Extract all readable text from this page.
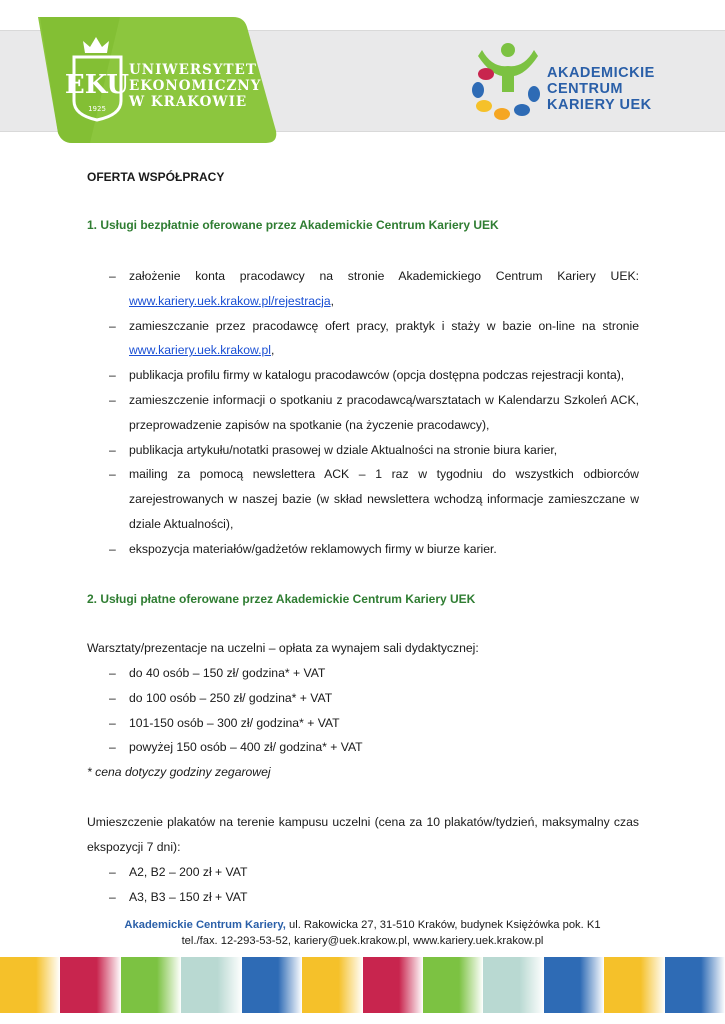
EKU
1925
UNIWERSYTET
EKONOMICZNY
W KRAKOWIE
AKADEMICKIE
CENTRUM
KARIERY UEK
OFERTA WSPÓŁPRACY
1. Usługi bezpłatnie oferowane przez Akademickie Centrum Kariery UEK
– założenie konta pracodawcy na stronie Akademickiego Centrum Kariery UEK: www.kariery.uek.krakow.pl/rejestracja,
– zamieszczanie przez pracodawcę ofert pracy, praktyk i staży w bazie on-line na stronie www.kariery.uek.krakow.pl,
– publikacja profilu firmy w katalogu pracodawców (opcja dostępna podczas rejestracji konta),
– zamieszczenie informacji o spotkaniu z pracodawcą/warsztatach w Kalendarzu Szkoleń ACK, przeprowadzenie zapisów na spotkanie (na życzenie pracodawcy),
– publikacja artykułu/notatki prasowej w dziale Aktualności na stronie biura karier,
– mailing za pomocą newslettera ACK – 1 raz w tygodniu do wszystkich odbiorców zarejestrowanych w naszej bazie (w skład newslettera wchodzą informacje zamieszczane w dziale Aktualności),
– ekspozycja materiałów/gadżetów reklamowych firmy w biurze karier.
2. Usługi płatne oferowane przez Akademickie Centrum Kariery UEK
Warsztaty/prezentacje na uczelni – opłata za wynajem sali dydaktycznej:
– do 40 osób – 150 zł/ godzina* + VAT
– do 100 osób – 250 zł/ godzina* + VAT
– 101-150 osób – 300 zł/ godzina* + VAT
– powyżej 150 osób – 400 zł/ godzina* + VAT
* cena dotyczy godziny zegarowej
Umieszczenie plakatów na terenie kampusu uczelni (cena za 10 plakatów/tydzień, maksymalny czas ekspozycji 7 dni):
– A2, B2 – 200 zł + VAT
– A3, B3 – 150 zł + VAT
Akademickie Centrum Kariery, ul. Rakowicka 27, 31-510 Kraków, budynek Księżówka pok. K1
tel./fax. 12-293-53-52, kariery@uek.krakow.pl, www.kariery.uek.krakow.pl
